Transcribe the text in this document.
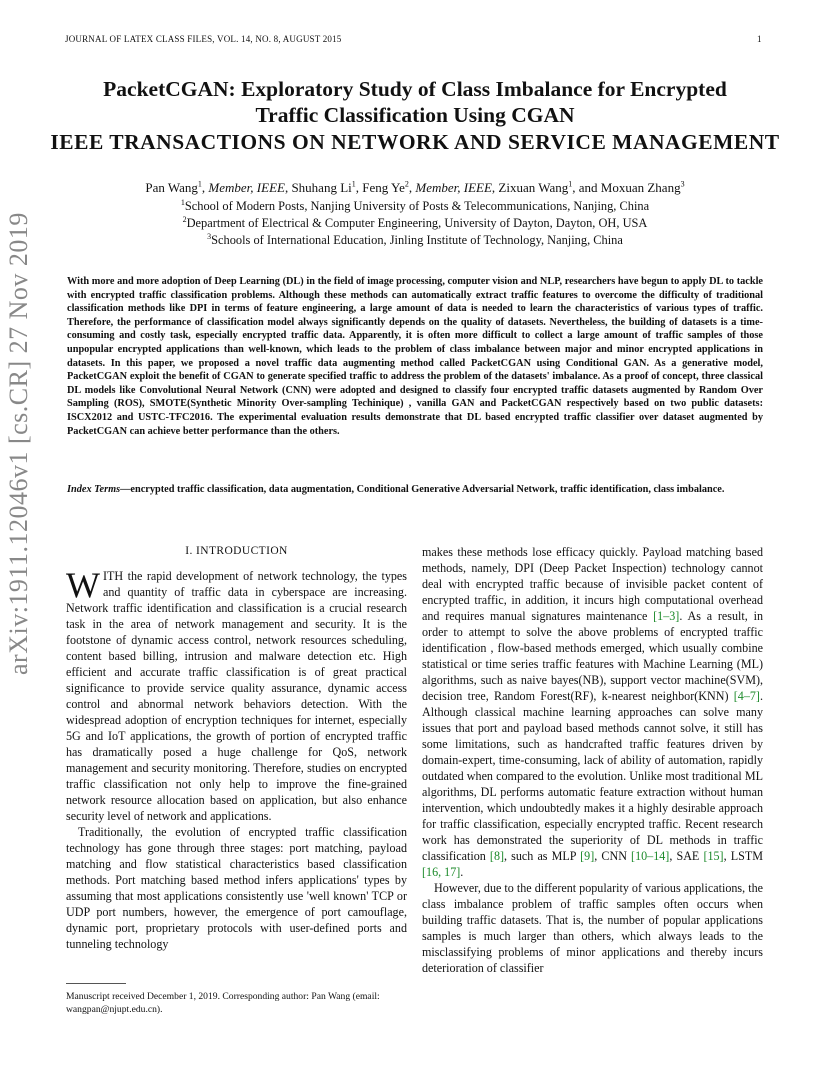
JOURNAL OF LATEX CLASS FILES, VOL. 14, NO. 8, AUGUST 2015	1
arXiv:1911.12046v1 [cs.CR] 27 Nov 2019
PacketCGAN: Exploratory Study of Class Imbalance for Encrypted
Traffic Classification Using CGAN
IEEE TRANSACTIONS ON NETWORK AND SERVICE MANAGEMENT
Pan Wang$^1$, Member, IEEE, Shuhang Li$^1$, Feng Ye$^2$, Member, IEEE, Zixuan Wang$^1$, and Moxuan Zhang$^3$
$^1$School of Modern Posts, Nanjing University of Posts & Telecommunications, Nanjing, China
$^2$Department of Electrical & Computer Engineering, University of Dayton, Dayton, OH, USA
$^3$Schools of International Education, Jinling Institute of Technology, Nanjing, China
With more and more adoption of Deep Learning (DL) in the field of image processing, computer vision and NLP, researchers have begun to apply DL to tackle with encrypted traffic classification problems. Although these methods can automatically extract traffic features to overcome the difficulty of traditional classification methods like DPI in terms of feature engineering, a large amount of data is needed to learn the characteristics of various types of traffic. Therefore, the performance of classification model always significantly depends on the quality of datasets. Nevertheless, the building of datasets is a time-consuming and costly task, especially encrypted traffic data. Apparently, it is often more difficult to collect a large amount of traffic samples of those unpopular encrypted applications than well-known, which leads to the problem of class imbalance between major and minor encrypted applications in datasets. In this paper, we proposed a novel traffic data augmenting method called PacketCGAN using Conditional GAN. As a generative model, PacketCGAN exploit the benefit of CGAN to generate specified traffic to address the problem of the datasets' imbalance. As a proof of concept, three classical DL models like Convolutional Neural Network (CNN) were adopted and designed to classify four encrypted traffic datasets augmented by Random Over Sampling (ROS), SMOTE(Synthetic Minority Over-sampling Techinique) , vanilla GAN and PacketCGAN respectively based on two public datasets: ISCX2012 and USTC-TFC2016. The experimental evaluation results demonstrate that DL based encrypted traffic classifier over dataset augmented by PacketCGAN can achieve better performance than the others.
Index Terms—encrypted traffic classification, data augmentation, Conditional Generative Adversarial Network, traffic identification, class imbalance.
I. INTRODUCTION

WITH the rapid development of network technology, the types and quantity of traffic data in cyberspace are increasing. Network traffic identification and classification is a crucial research task in the area of network management and security. It is the footstone of dynamic access control, network resources scheduling, content based billing, intrusion and malware detection etc. High efficient and accurate traffic classification is of great practical significance to provide service quality assurance, dynamic access control and abnormal network behaviors detection. With the widespread adoption of encryption techniques for internet, especially 5G and IoT applications, the growth of portion of encrypted traffic has dramatically posed a huge challenge for QoS, network management and security monitoring. Therefore, studies on encrypted traffic classification not only help to improve the fine-grained network resource allocation based on application, but also enhance security level of network and applications.

Traditionally, the evolution of encrypted traffic classification technology has gone through three stages: port matching, payload matching and flow statistical characteristics based classification methods. Port matching based method infers applications' types by assuming that most applications consistently use 'well known' TCP or UDP port numbers, however, the emergence of port camouflage, dynamic port, proprietary protocols with user-defined ports and tunneling technology

makes these methods lose efficacy quickly. Payload matching based methods, namely, DPI (Deep Packet Inspection) technology cannot deal with encrypted traffic because of invisible packet content of encrypted traffic, in addition, it incurs high computational overhead and requires manual signatures maintenance [1–3]. As a result, in order to attempt to solve the above problems of encrypted traffic identification , flow-based methods emerged, which usually combine statistical or time series traffic features with Machine Learning (ML) algorithms, such as naive bayes(NB), support vector machine(SVM), decision tree, Random Forest(RF), k-nearest neighbor(KNN) [4–7]. Although classical machine learning approaches can solve many issues that port and payload based methods cannot solve, it still has some limitations, such as handcrafted traffic features driven by domain-expert, time-consuming, lack of ability of automation, rapidly outdated when compared to the evolution. Unlike most traditional ML algorithms, DL performs automatic feature extraction without human intervention, which undoubtedly makes it a highly desirable approach for traffic classification, especially encrypted traffic. Recent research work has demonstrated the superiority of DL methods in traffic classification [8], such as MLP [9], CNN [10–14], SAE [15], LSTM [16, 17].

However, due to the different popularity of various applications, the class imbalance problem of traffic samples often occurs when building traffic datasets. That is, the number of popular applications samples is much larger than others, which always leads to the misclassifying problems of minor applications and thereby incurs deterioration of classifier

Manuscript received December 1, 2019. Corresponding author: Pan Wang (email: wangpan@njupt.edu.cn).
